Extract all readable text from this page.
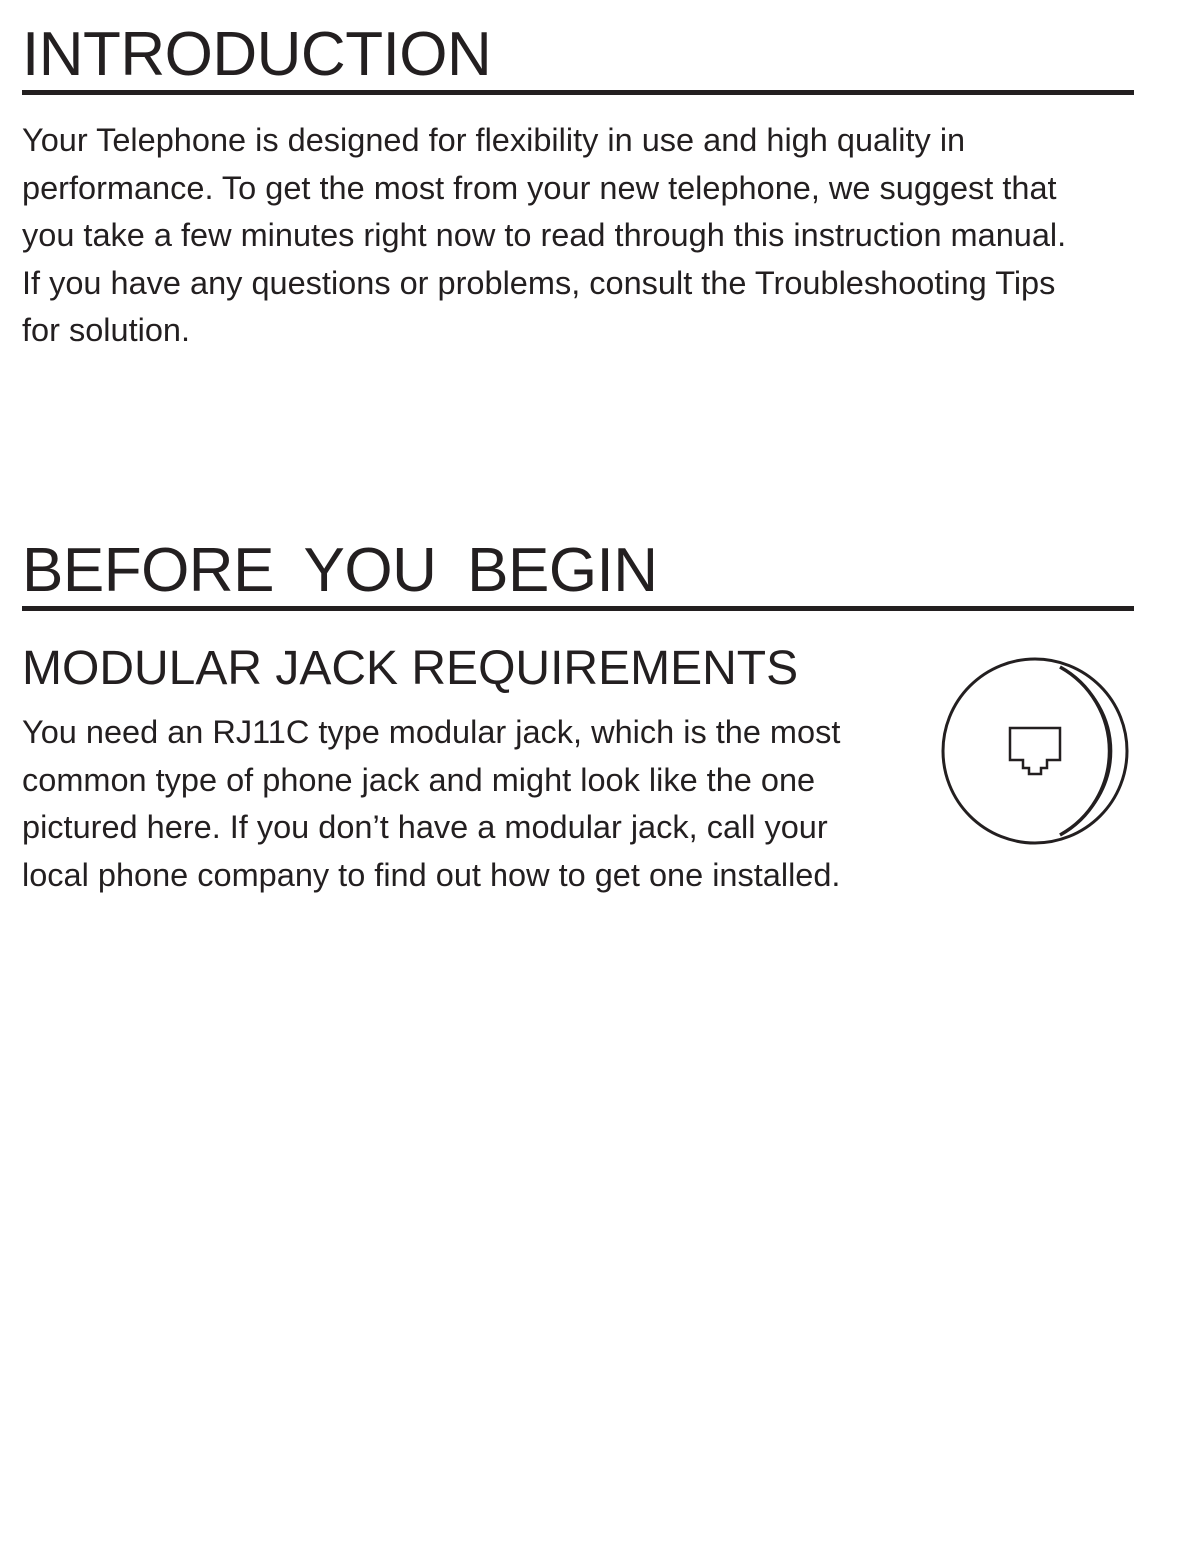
INTRODUCTION

Your Telephone is designed for flexibility in use and high quality in
performance. To get the most from your new telephone, we suggest that
you take a few minutes right now to read through this instruction manual.
If you have any questions or problems, consult the Troubleshooting Tips
for solution.

BEFORE YOU BEGIN
MODULAR JACK REQUIREMENTS

You need an RJ11C type modular jack, which is the most
common type of phone jack and might look like the one
pictured here. If you don’t have a modular jack, call your
local phone company to find out how to get one installed.
